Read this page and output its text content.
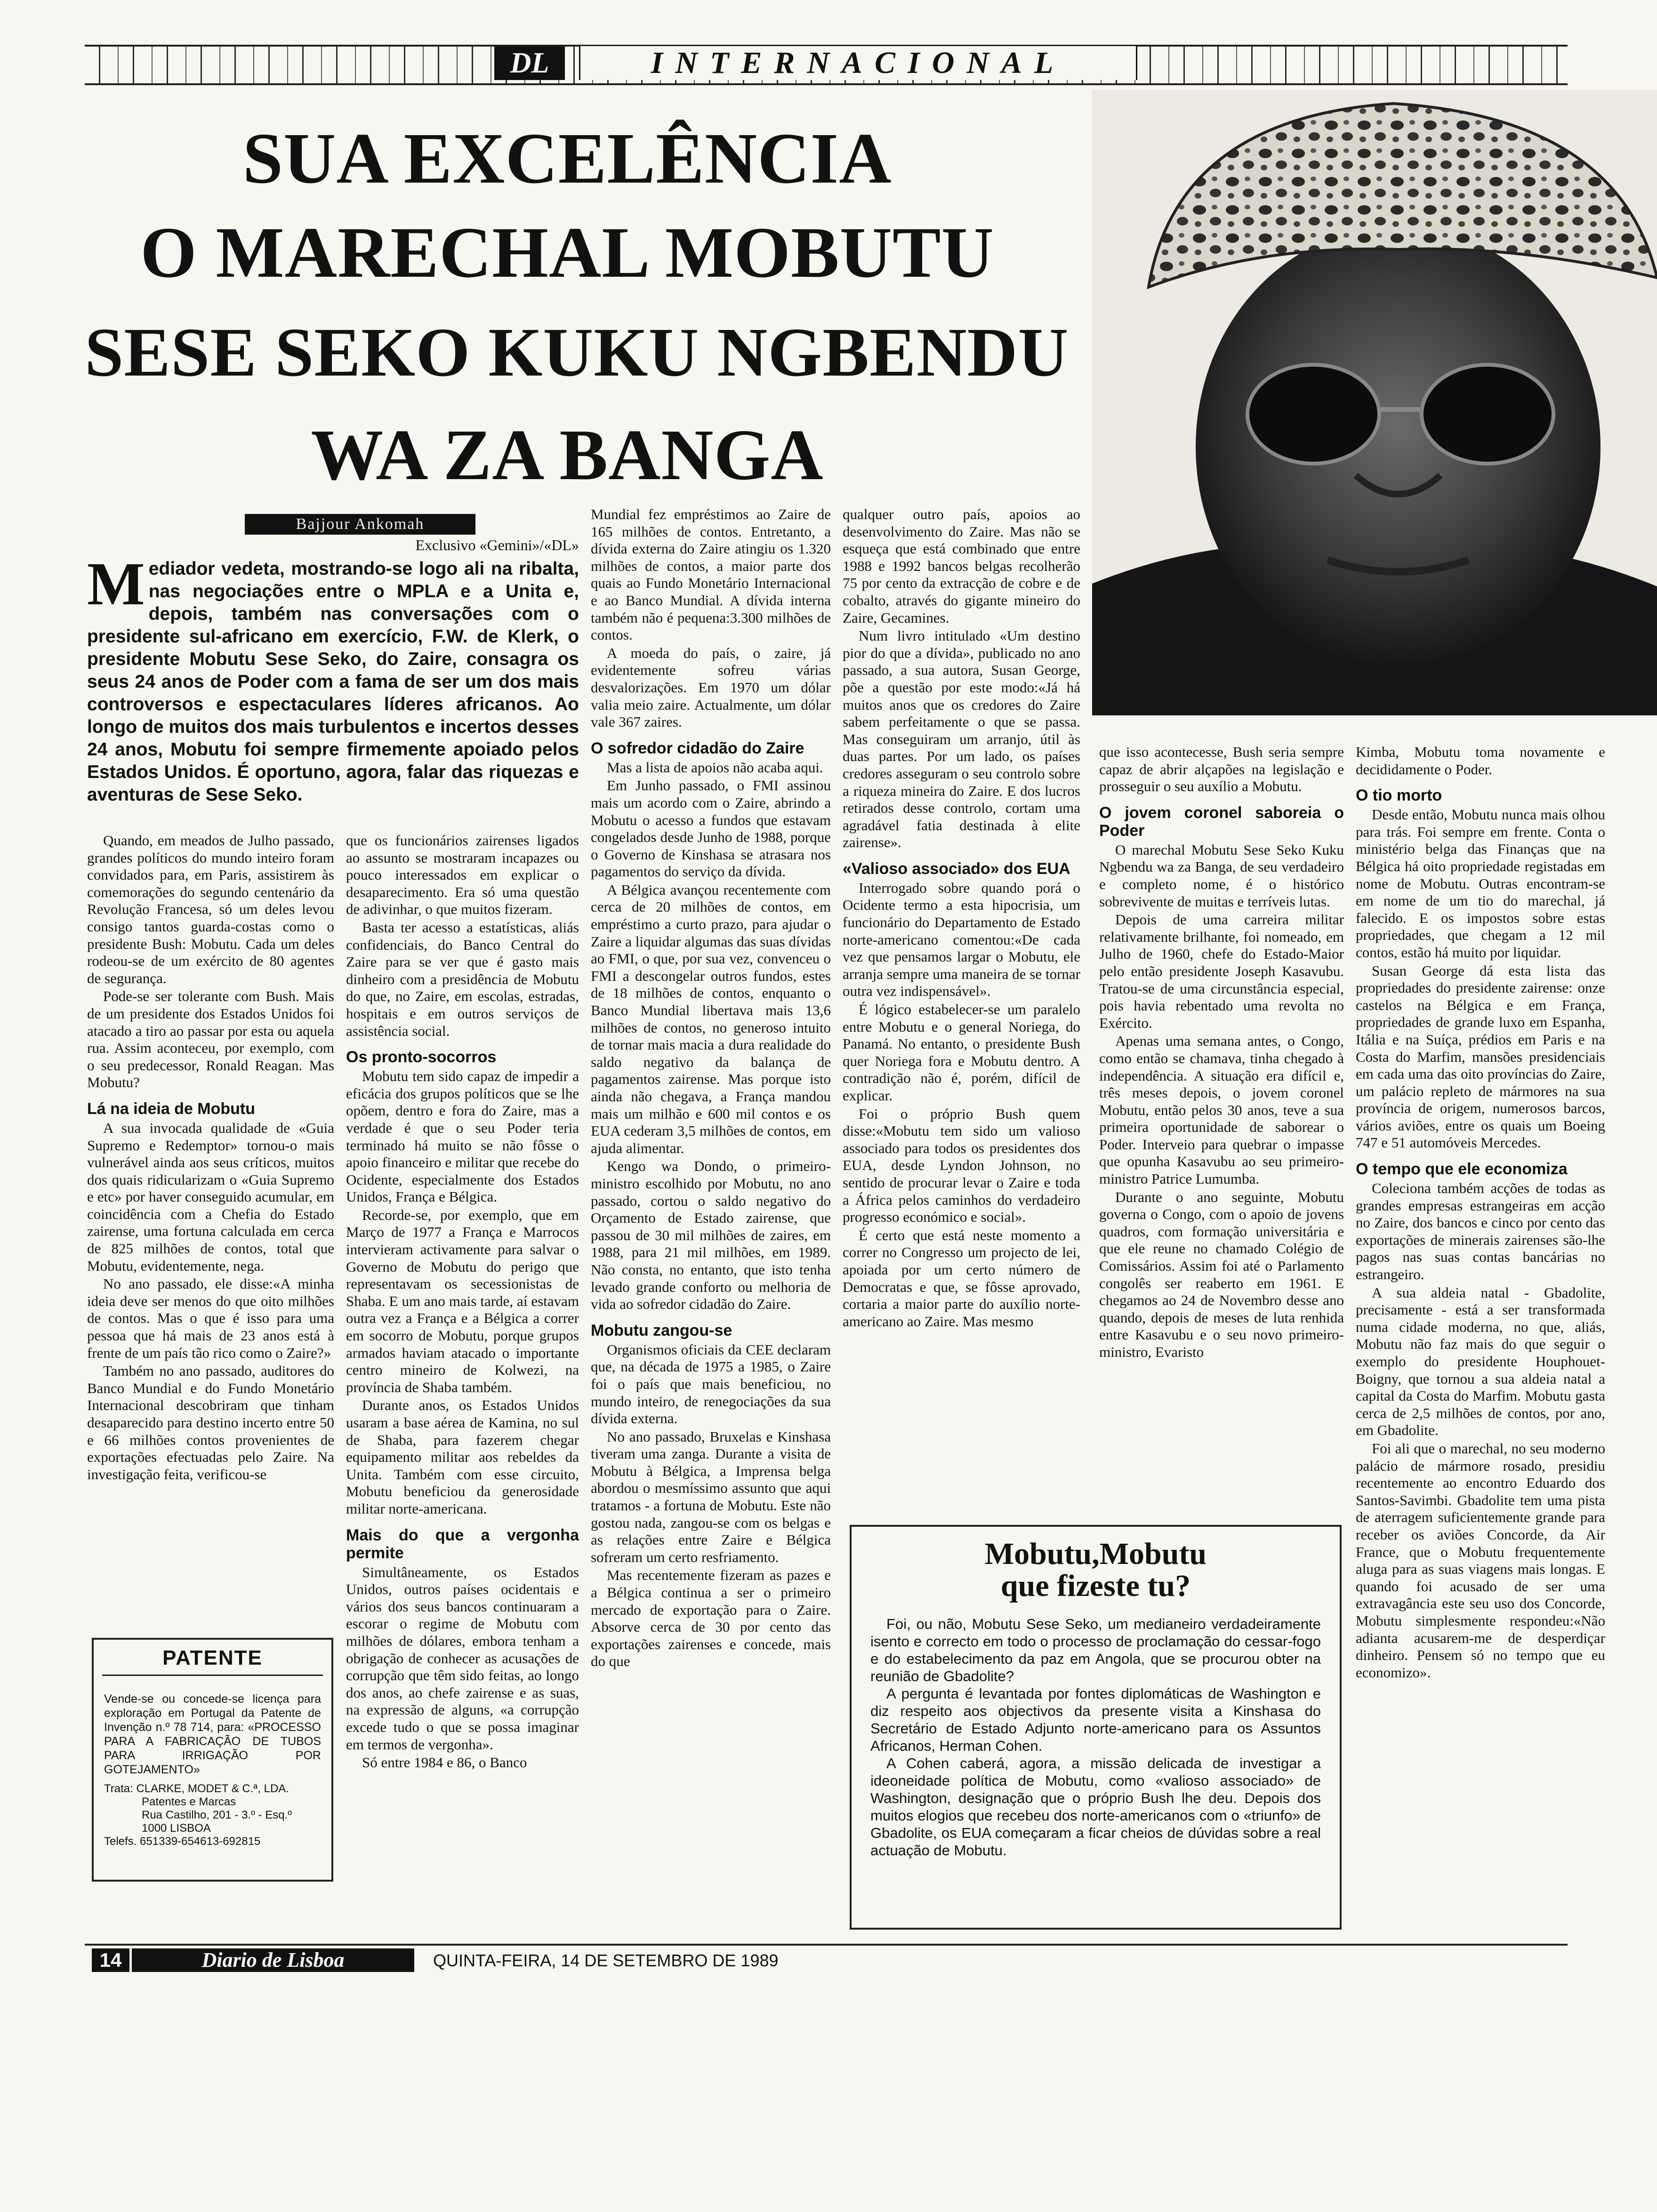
DL	INTERNACIONAL
SUA EXCELÊNCIA
O MARECHAL MOBUTU
SESE SEKO KUKU NGBENDU
WA ZA BANGA
Bajjour Ankomah
Exclusivo «Gemini»/«DL»
Mediador vedeta, mostrando-se logo ali na ribalta, nas negociações entre o MPLA e a Unita e, depois, também nas conversações com o presidente sul-africano em exercício, F.W. de Klerk, o presidente Mobutu Sese Seko, do Zaire, consagra os seus 24 anos de Poder com a fama de ser um dos mais controversos e espectaculares líderes africanos. Ao longo de muitos dos mais turbulentos e incertos desses 24 anos, Mobutu foi sempre firmemente apoiado pelos Estados Unidos. É oportuno, agora, falar das riquezas e aventuras de Sese Seko.

Quando, em meados de Julho passado, grandes políticos do mundo inteiro foram convidados para, em Paris, assistirem às comemorações do segundo centenário da Revolução Francesa, só um deles levou consigo tantos guarda-costas como o presidente Bush: Mobutu. Cada um deles rodeou-se de um exército de 80 agentes de segurança.

Pode-se ser tolerante com Bush. Mais de um presidente dos Estados Unidos foi atacado a tiro ao passar por esta ou aquela rua. Assim aconteceu, por exemplo, com o seu predecessor, Ronald Reagan. Mas Mobutu?

Lá na ideia de Mobutu

A sua invocada qualidade de «Guia Supremo e Redemptor» tornou-o mais vulnerável ainda aos seus críticos, muitos dos quais ridicularizam o «Guia Supremo e etc» por haver conseguido acumular, em coincidência com a Chefia do Estado zairense, uma fortuna calculada em cerca de 825 milhões de contos, total que Mobutu, evidentemente, nega.

No ano passado, ele disse:«A minha ideia deve ser menos do que oito milhões de contos. Mas o que é isso para uma pessoa que há mais de 23 anos está à frente de um país tão rico como o Zaire?»

Também no ano passado, auditores do Banco Mundial e do Fundo Monetário Internacional descobriram que tinham desaparecido para destino incerto entre 50 e 66 milhões contos provenientes de exportações efectuadas pelo Zaire. Na investigação feita, verificou-se

PATENTE
Vende-se ou concede-se licença para exploração em Portugal da Patente de Invenção n.º 78 714, para: «PROCESSO PARA A FABRICAÇÃO DE TUBOS PARA IRRIGAÇÃO POR GOTEJAMENTO»
Trata: CLARKE, MODET & C.ª, LDA.
Patentes e Marcas
Rua Castilho, 201 - 3.º - Esq.º
1000 LISBOA
Telefs. 651339-654613-692815

que os funcionários zairenses ligados ao assunto se mostraram incapazes ou pouco interessados em explicar o desaparecimento. Era só uma questão de adivinhar, o que muitos fizeram.

Basta ter acesso a estatísticas, aliás confidenciais, do Banco Central do Zaire para se ver que é gasto mais dinheiro com a presidência de Mobutu do que, no Zaire, em escolas, estradas, hospitais e em outros serviços de assistência social.

Os pronto-socorros

Mobutu tem sido capaz de impedir a eficácia dos grupos políticos que se lhe opõem, dentro e fora do Zaire, mas a verdade é que o seu Poder teria terminado há muito se não fôsse o apoio financeiro e militar que recebe do Ocidente, especialmente dos Estados Unidos, França e Bélgica.

Recorde-se, por exemplo, que em Março de 1977 a França e Marrocos intervieram activamente para salvar o Governo de Mobutu do perigo que representavam os secessionistas de Shaba. E um ano mais tarde, aí estavam outra vez a França e a Bélgica a correr em socorro de Mobutu, porque grupos armados haviam atacado o importante centro mineiro de Kolwezi, na província de Shaba também.

Durante anos, os Estados Unidos usaram a base aérea de Kamina, no sul de Shaba, para fazerem chegar equipamento militar aos rebeldes da Unita. Também com esse circuito, Mobutu beneficiou da generosidade militar norte-americana.

Mais do que a vergonha permite

Simultâneamente, os Estados Unidos, outros países ocidentais e vários dos seus bancos continuaram a escorar o regime de Mobutu com milhões de dólares, embora tenham a obrigação de conhecer as acusações de corrupção que têm sido feitas, ao longo dos anos, ao chefe zairense e as suas, na expressão de alguns, «a corrupção excede tudo o que se possa imaginar em termos de vergonha».

Só entre 1984 e 86, o Banco

Mundial fez empréstimos ao Zaire de 165 milhões de contos. Entretanto, a dívida externa do Zaire atingiu os 1.320 milhões de contos, a maior parte dos quais ao Fundo Monetário Internacional e ao Banco Mundial. A dívida interna também não é pequena:3.300 milhões de contos.

A moeda do país, o zaire, já evidentemente sofreu várias desvalorizações. Em 1970 um dólar valia meio zaire. Actualmente, um dólar vale 367 zaires.

O sofredor cidadão do Zaire

Mas a lista de apoios não acaba aqui.

Em Junho passado, o FMI assinou mais um acordo com o Zaire, abrindo a Mobutu o acesso a fundos que estavam congelados desde Junho de 1988, porque o Governo de Kinshasa se atrasara nos pagamentos do serviço da dívida.

A Bélgica avançou recentemente com cerca de 20 milhões de contos, em empréstimo a curto prazo, para ajudar o Zaire a liquidar algumas das suas dívidas ao FMI, o que, por sua vez, convenceu o FMI a descongelar outros fundos, estes de 18 milhões de contos, enquanto o Banco Mundial libertava mais 13,6 milhões de contos, no generoso intuito de tornar mais macia a dura realidade do saldo negativo da balança de pagamentos zairense. Mas porque isto ainda não chegava, a França mandou mais um milhão e 600 mil contos e os EUA cederam 3,5 milhões de contos, em ajuda alimentar.

Kengo wa Dondo, o primeiro-ministro escolhido por Mobutu, no ano passado, cortou o saldo negativo do Orçamento de Estado zairense, que passou de 30 mil milhões de zaires, em 1988, para 21 mil milhões, em 1989. Não consta, no entanto, que isto tenha levado grande conforto ou melhoria de vida ao sofredor cidadão do Zaire.

Mobutu zangou-se

Organismos oficiais da CEE declaram que, na década de 1975 a 1985, o Zaire foi o país que mais beneficiou, no mundo inteiro, de renegociações da sua dívida externa.

No ano passado, Bruxelas e Kinshasa tiveram uma zanga. Durante a visita de Mobutu à Bélgica, a Imprensa belga abordou o mesmíssimo assunto que aqui tratamos - a fortuna de Mobutu. Este não gostou nada, zangou-se com os belgas e as relações entre Zaire e Bélgica sofreram um certo resfriamento.

Mas recentemente fizeram as pazes e a Bélgica continua a ser o primeiro mercado de exportação para o Zaire. Absorve cerca de 30 por cento das exportações zairenses e concede, mais do que

qualquer outro país, apoios ao desenvolvimento do Zaire. Mas não se esqueça que está combinado que entre 1988 e 1992 bancos belgas recolherão 75 por cento da extracção de cobre e de cobalto, através do gigante mineiro do Zaire, Gecamines.

Num livro intitulado «Um destino pior do que a dívida», publicado no ano passado, a sua autora, Susan George, põe a questão por este modo:«Já há muitos anos que os credores do Zaire sabem perfeitamente o que se passa. Mas conseguiram um arranjo, útil às duas partes. Por um lado, os países credores asseguram o seu controlo sobre a riqueza mineira do Zaire. E dos lucros retirados desse controlo, cortam uma agradável fatia destinada à elite zairense».

«Valioso associado» dos EUA

Interrogado sobre quando porá o Ocidente termo a esta hipocrisia, um funcionário do Departamento de Estado norte-americano comentou:«De cada vez que pensamos largar o Mobutu, ele arranja sempre uma maneira de se tornar outra vez indispensável».

É lógico estabelecer-se um paralelo entre Mobutu e o general Noriega, do Panamá. No entanto, o presidente Bush quer Noriega fora e Mobutu dentro. A contradição não é, porém, difícil de explicar.

Foi o próprio Bush quem disse:«Mobutu tem sido um valioso associado para todos os presidentes dos EUA, desde Lyndon Johnson, no sentido de procurar levar o Zaire e toda a África pelos caminhos do verdadeiro progresso económico e social».

É certo que está neste momento a correr no Congresso um projecto de lei, apoiada por um certo número de Democratas e que, se fôsse aprovado, cortaria a maior parte do auxílio norte-americano ao Zaire. Mas mesmo

que isso acontecesse, Bush seria sempre capaz de abrir alçapões na legislação e prosseguir o seu auxílio a Mobutu.

O jovem coronel saboreia o Poder

O marechal Mobutu Sese Seko Kuku Ngbendu wa za Banga, de seu verdadeiro e completo nome, é o histórico sobrevivente de muitas e terríveis lutas.

Depois de uma carreira militar relativamente brilhante, foi nomeado, em Julho de 1960, chefe do Estado-Maior pelo então presidente Joseph Kasavubu. Tratou-se de uma circunstância especial, pois havia rebentado uma revolta no Exército.

Apenas uma semana antes, o Congo, como então se chamava, tinha chegado à independência. A situação era difícil e, três meses depois, o jovem coronel Mobutu, então pelos 30 anos, teve a sua primeira oportunidade de saborear o Poder. Interveio para quebrar o impasse que opunha Kasavubu ao seu primeiro-ministro Patrice Lumumba.

Durante o ano seguinte, Mobutu governa o Congo, com o apoio de jovens quadros, com formação universitária e que ele reune no chamado Colégio de Comissários. Assim foi até o Parlamento congolês ser reaberto em 1961. E chegamos ao 24 de Novembro desse ano quando, depois de meses de luta renhida entre Kasavubu e o seu novo primeiro-ministro, Evaristo

Kimba, Mobutu toma novamente e decididamente o Poder.

O tio morto

Desde então, Mobutu nunca mais olhou para trás. Foi sempre em frente. Conta o ministério belga das Finanças que na Bélgica há oito propriedade registadas em nome de Mobutu. Outras encontram-se em nome de um tio do marechal, já falecido. E os impostos sobre estas propriedades, que chegam a 12 mil contos, estão há muito por liquidar.

Susan George dá esta lista das propriedades do presidente zairense: onze castelos na Bélgica e em França, propriedades de grande luxo em Espanha, Itália e na Suíça, prédios em Paris e na Costa do Marfim, mansões presidenciais em cada uma das oito províncias do Zaire, um palácio repleto de mármores na sua província de origem, numerosos barcos, vários aviões, entre os quais um Boeing 747 e 51 automóveis Mercedes.

O tempo que ele economiza

Coleciona também acções de todas as grandes empresas estrangeiras em acção no Zaire, dos bancos e cinco por cento das exportações de minerais zairenses são-lhe pagos nas suas contas bancárias no estrangeiro.

A sua aldeia natal - Gbadolite, precisamente - está a ser transformada numa cidade moderna, no que, aliás, Mobutu não faz mais do que seguir o exemplo do presidente Houphouet-Boigny, que tornou a sua aldeia natal a capital da Costa do Marfim. Mobutu gasta cerca de 2,5 milhões de contos, por ano, em Gbadolite.

Foi ali que o marechal, no seu moderno palácio de mármore rosado, presidiu recentemente ao encontro Eduardo dos Santos-Savimbi. Gbadolite tem uma pista de aterragem suficientemente grande para receber os aviões Concorde, da Air France, que o Mobutu frequentemente aluga para as suas viagens mais longas. E quando foi acusado de ser uma extravagância este seu uso dos Concorde, Mobutu simplesmente respondeu:«Não adianta acusarem-me de desperdiçar dinheiro. Pensem só no tempo que eu economizo».

Mobutu,Mobutu
que fizeste tu?

Foi, ou não, Mobutu Sese Seko, um medianeiro verdadeiramente isento e correcto em todo o processo de proclamação do cessar-fogo e do estabelecimento da paz em Angola, que se procurou obter na reunião de Gbadolite?

A pergunta é levantada por fontes diplomáticas de Washington e diz respeito aos objectivos da presente visita a Kinshasa do Secretário de Estado Adjunto norte-americano para os Assuntos Africanos, Herman Cohen.

A Cohen caberá, agora, a missão delicada de investigar a ideoneidade política de Mobutu, como «valioso associado» de Washington, designação que o próprio Bush lhe deu. Depois dos muitos elogios que recebeu dos norte-americanos com o «triunfo» de Gbadolite, os EUA começaram a ficar cheios de dúvidas sobre a real actuação de Mobutu.

14	Diario de Lisboa	QUINTA-FEIRA, 14 DE SETEMBRO DE 1989
